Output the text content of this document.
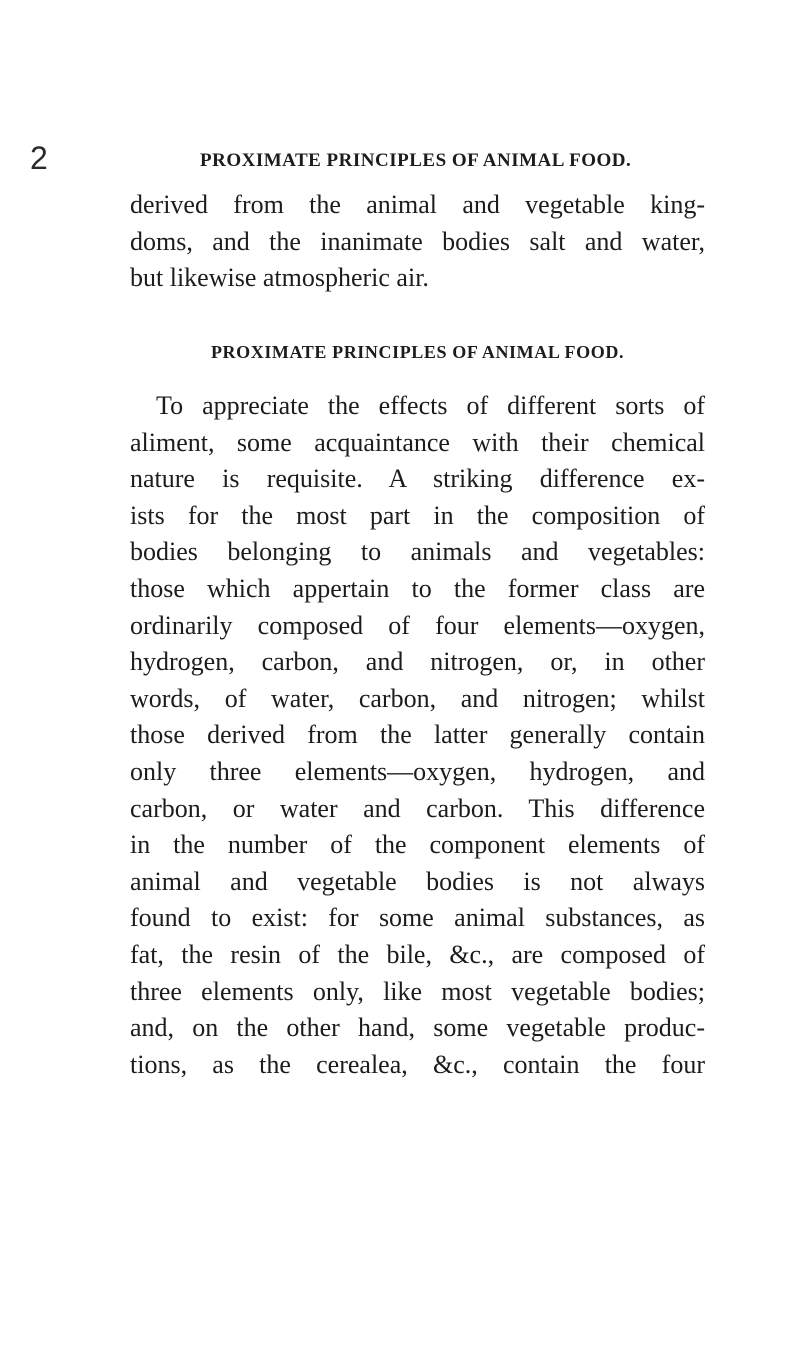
2	PROXIMATE PRINCIPLES OF ANIMAL FOOD.
derived from the animal and vegetable king-
doms, and the inanimate bodies salt and water,
but likewise atmospheric air.
PROXIMATE PRINCIPLES OF ANIMAL FOOD.
To appreciate the effects of different sorts of
aliment, some acquaintance with their chemical
nature is requisite. A striking difference ex-
ists for the most part in the composition of
bodies belonging to animals and vegetables:
those which appertain to the former class are
ordinarily composed of four elements—oxygen,
hydrogen, carbon, and nitrogen, or, in other
words, of water, carbon, and nitrogen; whilst
those derived from the latter generally contain
only three elements—oxygen, hydrogen, and
carbon, or water and carbon. This difference
in the number of the component elements of
animal and vegetable bodies is not always
found to exist: for some animal substances, as
fat, the resin of the bile, &c., are composed of
three elements only, like most vegetable bodies;
and, on the other hand, some vegetable produc-
tions, as the cerealea, &c., contain the four
